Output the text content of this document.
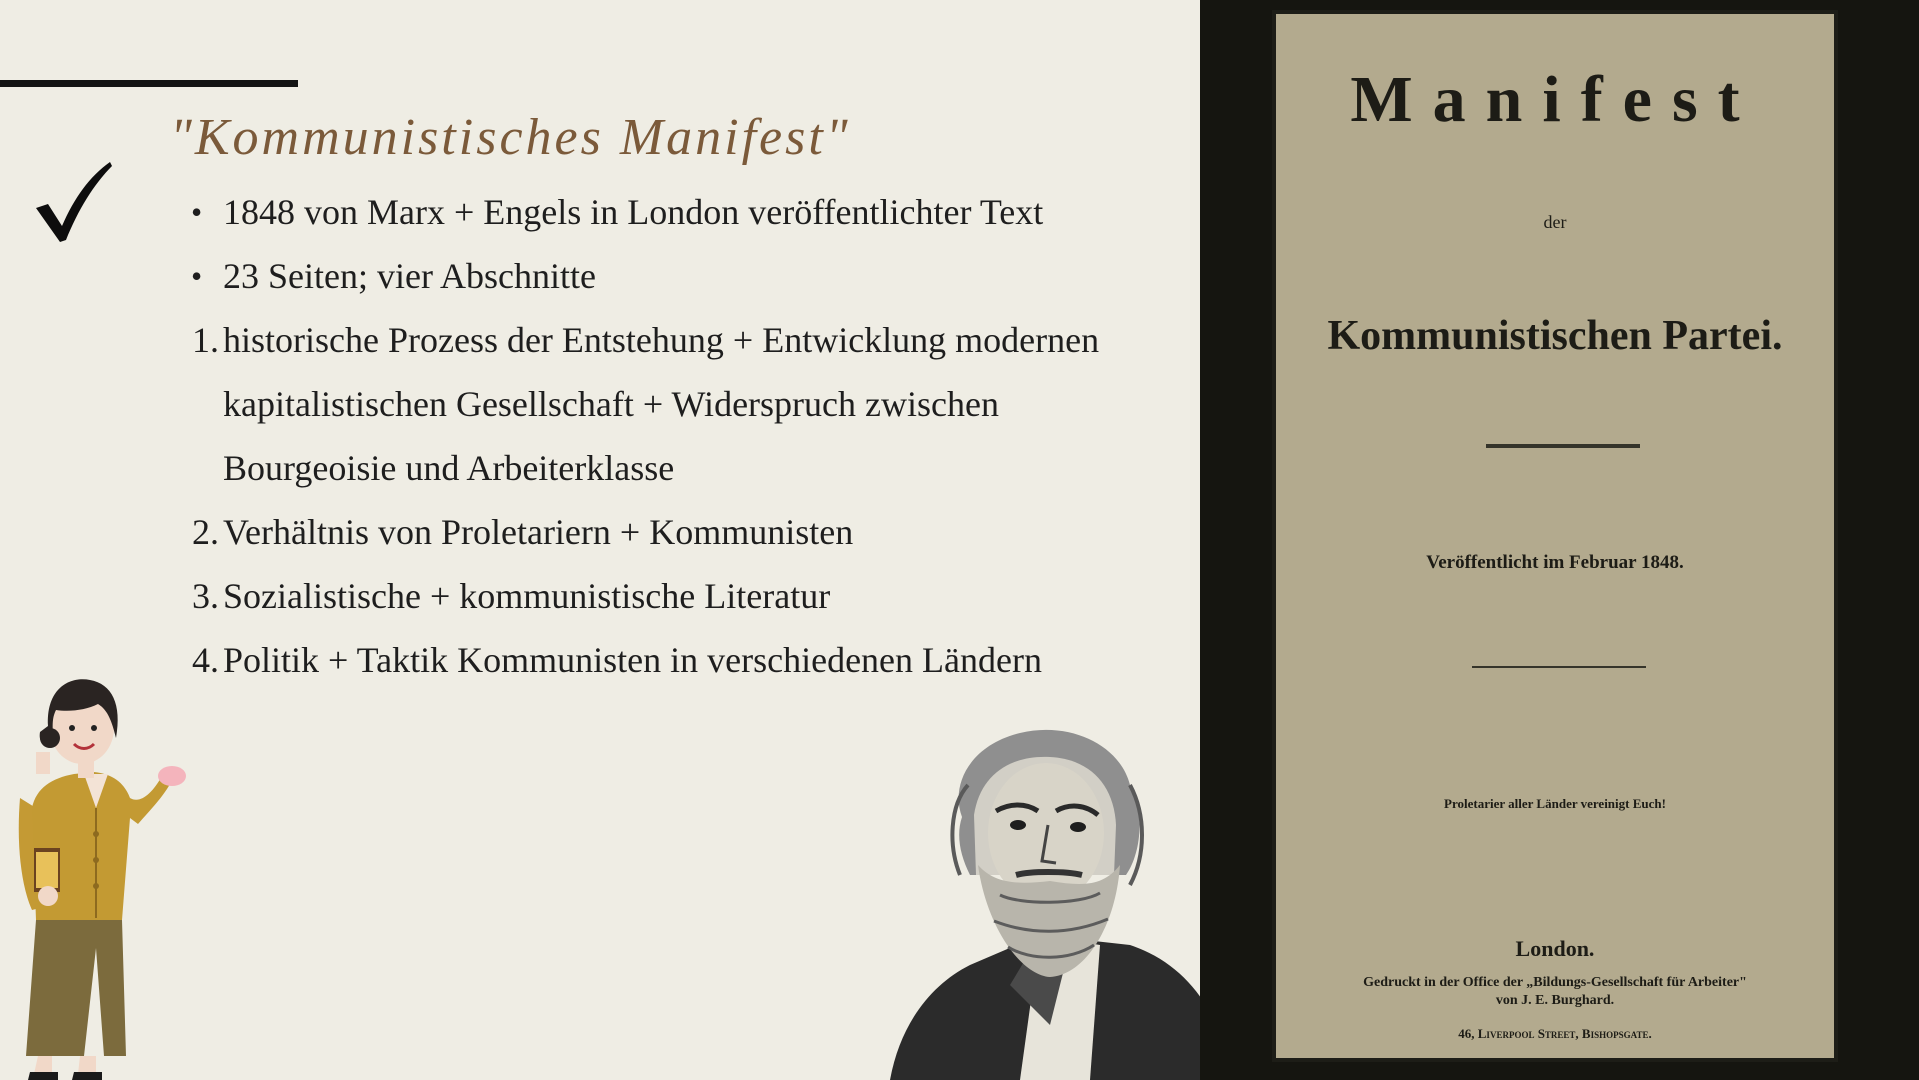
"Kommunistisches Manifest"
• 1848 von Marx + Engels in London veröffentlichter Text
• 23 Seiten; vier Abschnitte
1. historische Prozess der Entstehung + Entwicklung modernen kapitalistischen Gesellschaft + Widerspruch zwischen Bourgeoisie und Arbeiterklasse
2. Verhältnis von Proletariern + Kommunisten
3. Sozialistische + kommunistische Literatur
4. Politik + Taktik Kommunisten in verschiedenen Ländern
Manifest
der
Kommunistischen Partei.
Veröffentlicht im Februar 1848.
Proletarier aller Länder vereinigt Euch!
London.
Gedruckt in der Office der „Bildungs-Gesellschaft für Arbeiter"
von J. E. Burghard.
46, Liverpool Street, Bishopsgate.
